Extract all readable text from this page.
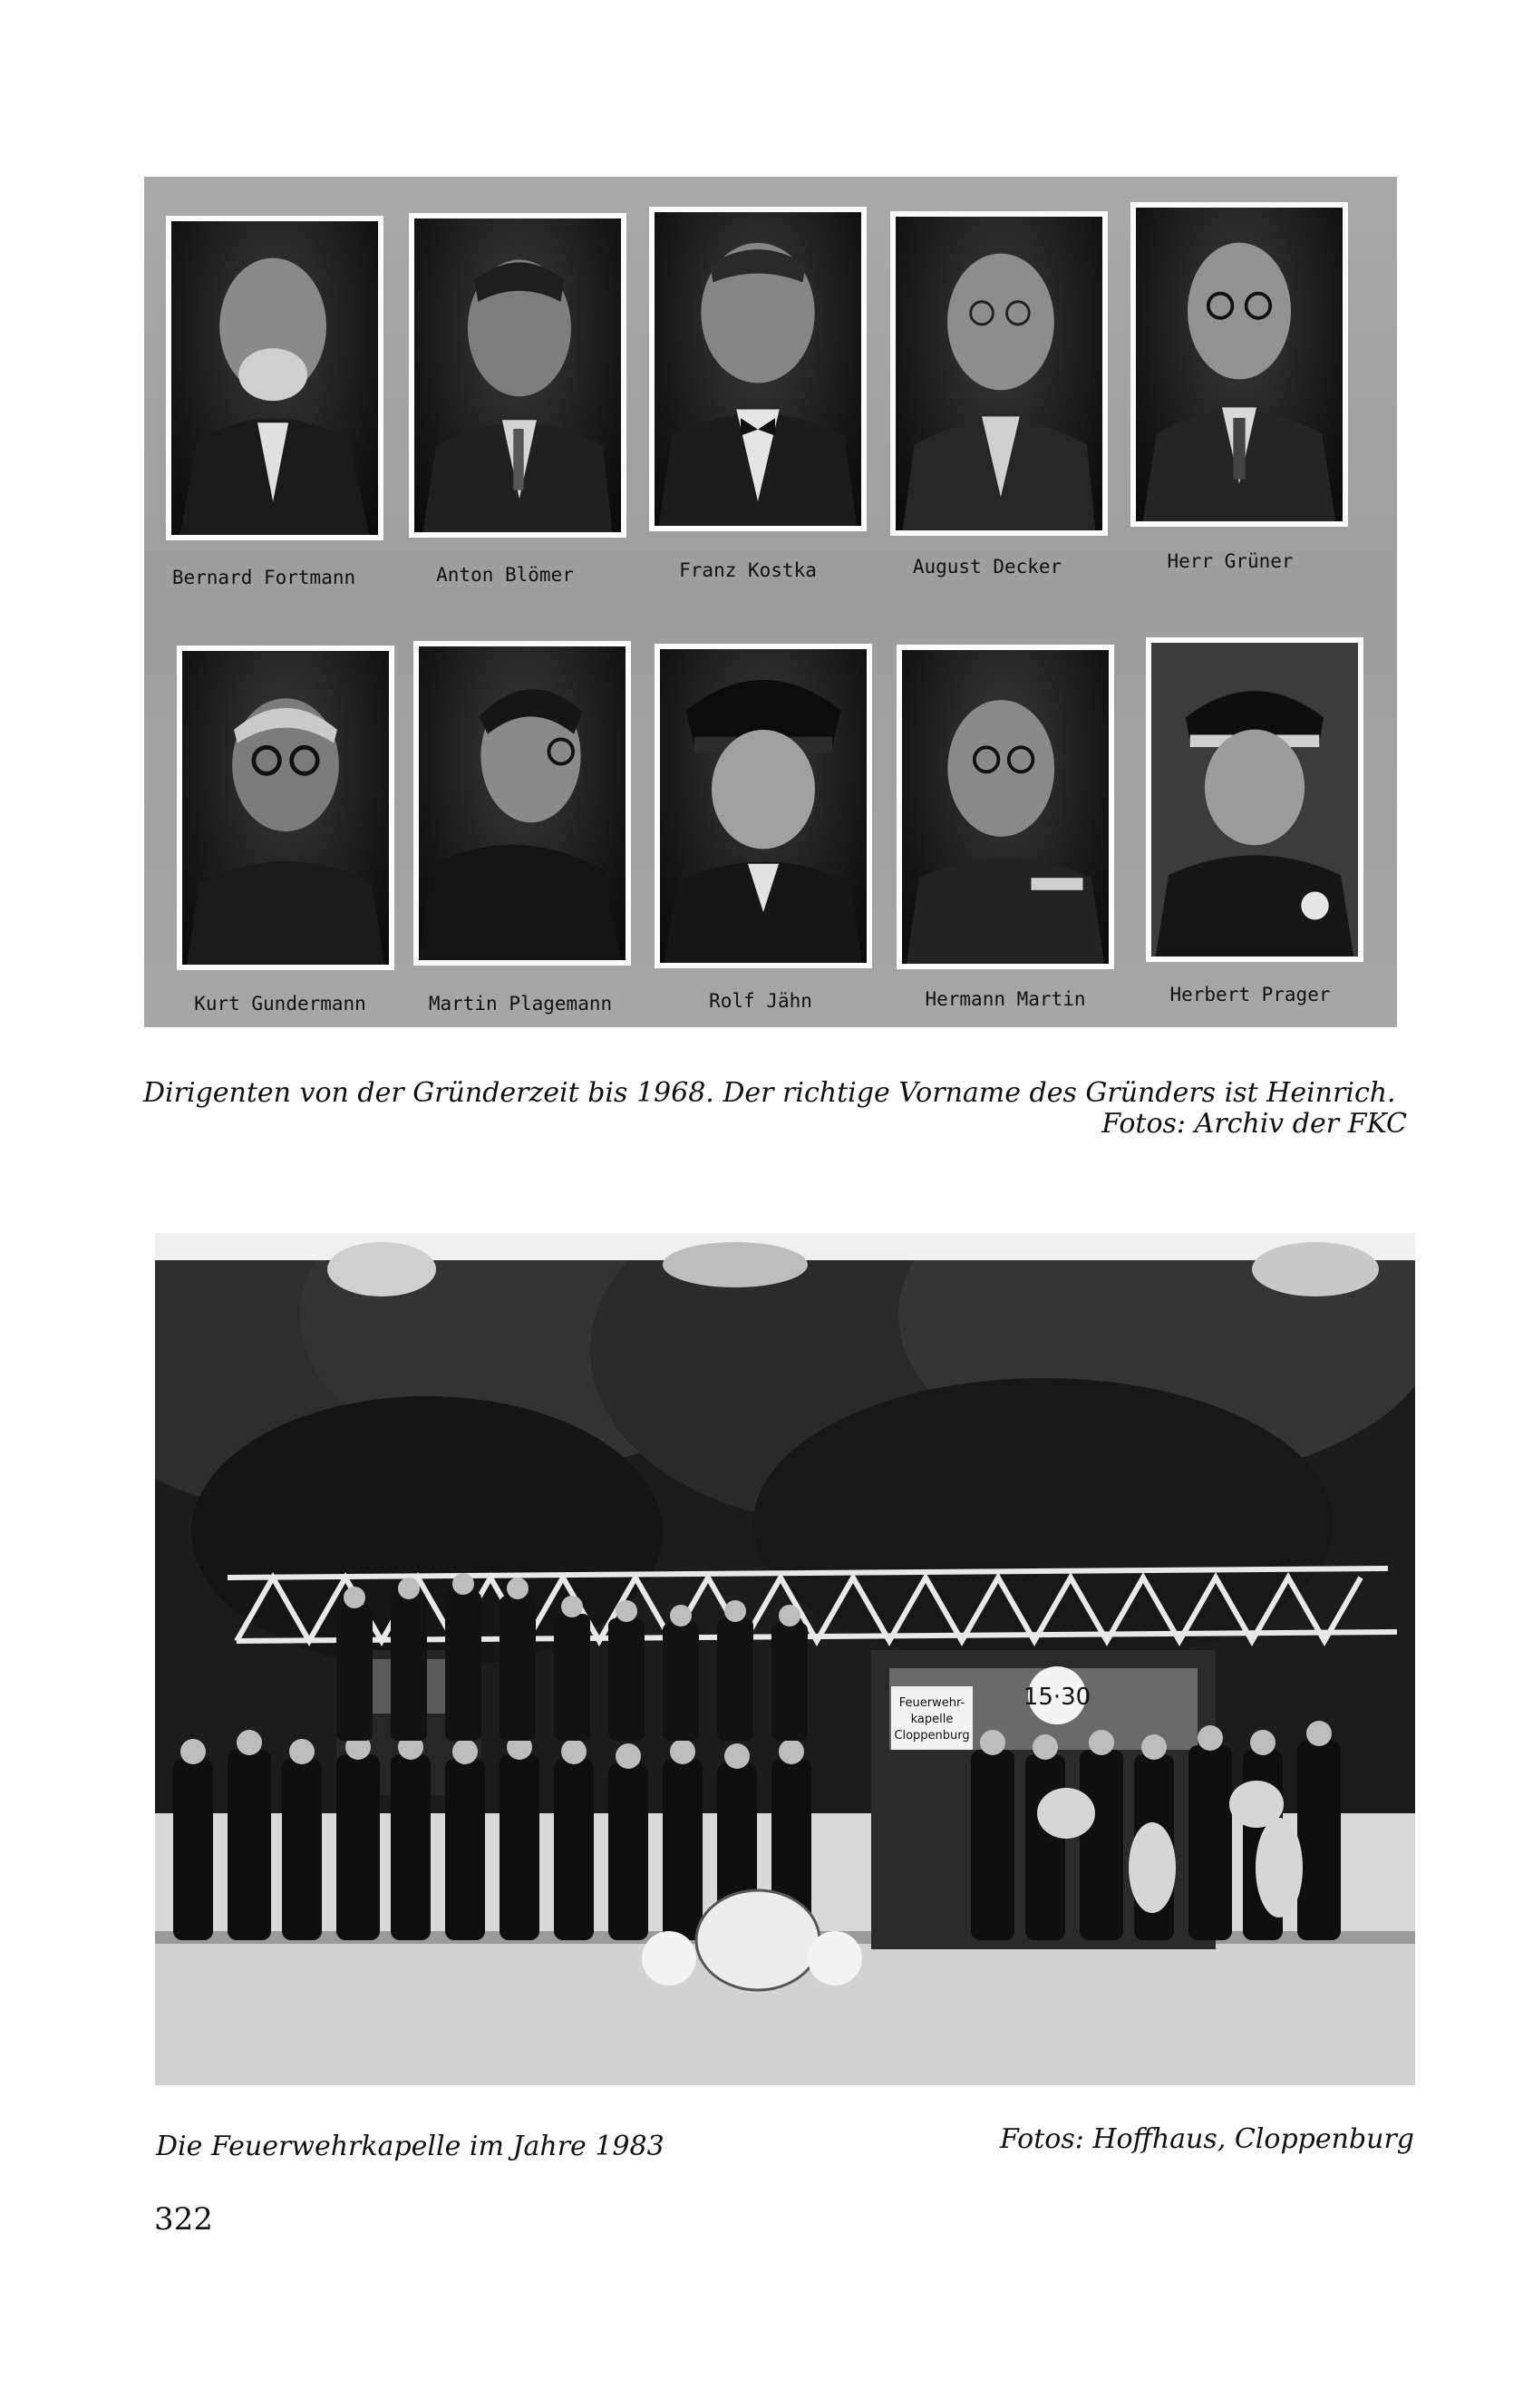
Bernard Fortmann	Anton Blömer	Franz Kostka	August Decker	Herr Grüner
Kurt Gundermann	Martin Plagemann	Rolf Jähn	Hermann Martin	Herbert Prager
Dirigenten von der Gründerzeit bis 1968. Der richtige Vorname des Gründers ist Heinrich.
Fotos: Archiv der FKC
15·30
Feuerwehr-
kapelle
Cloppenburg
Die Feuerwehrkapelle im Jahre 1983	Fotos: Hoffhaus, Cloppenburg
322
